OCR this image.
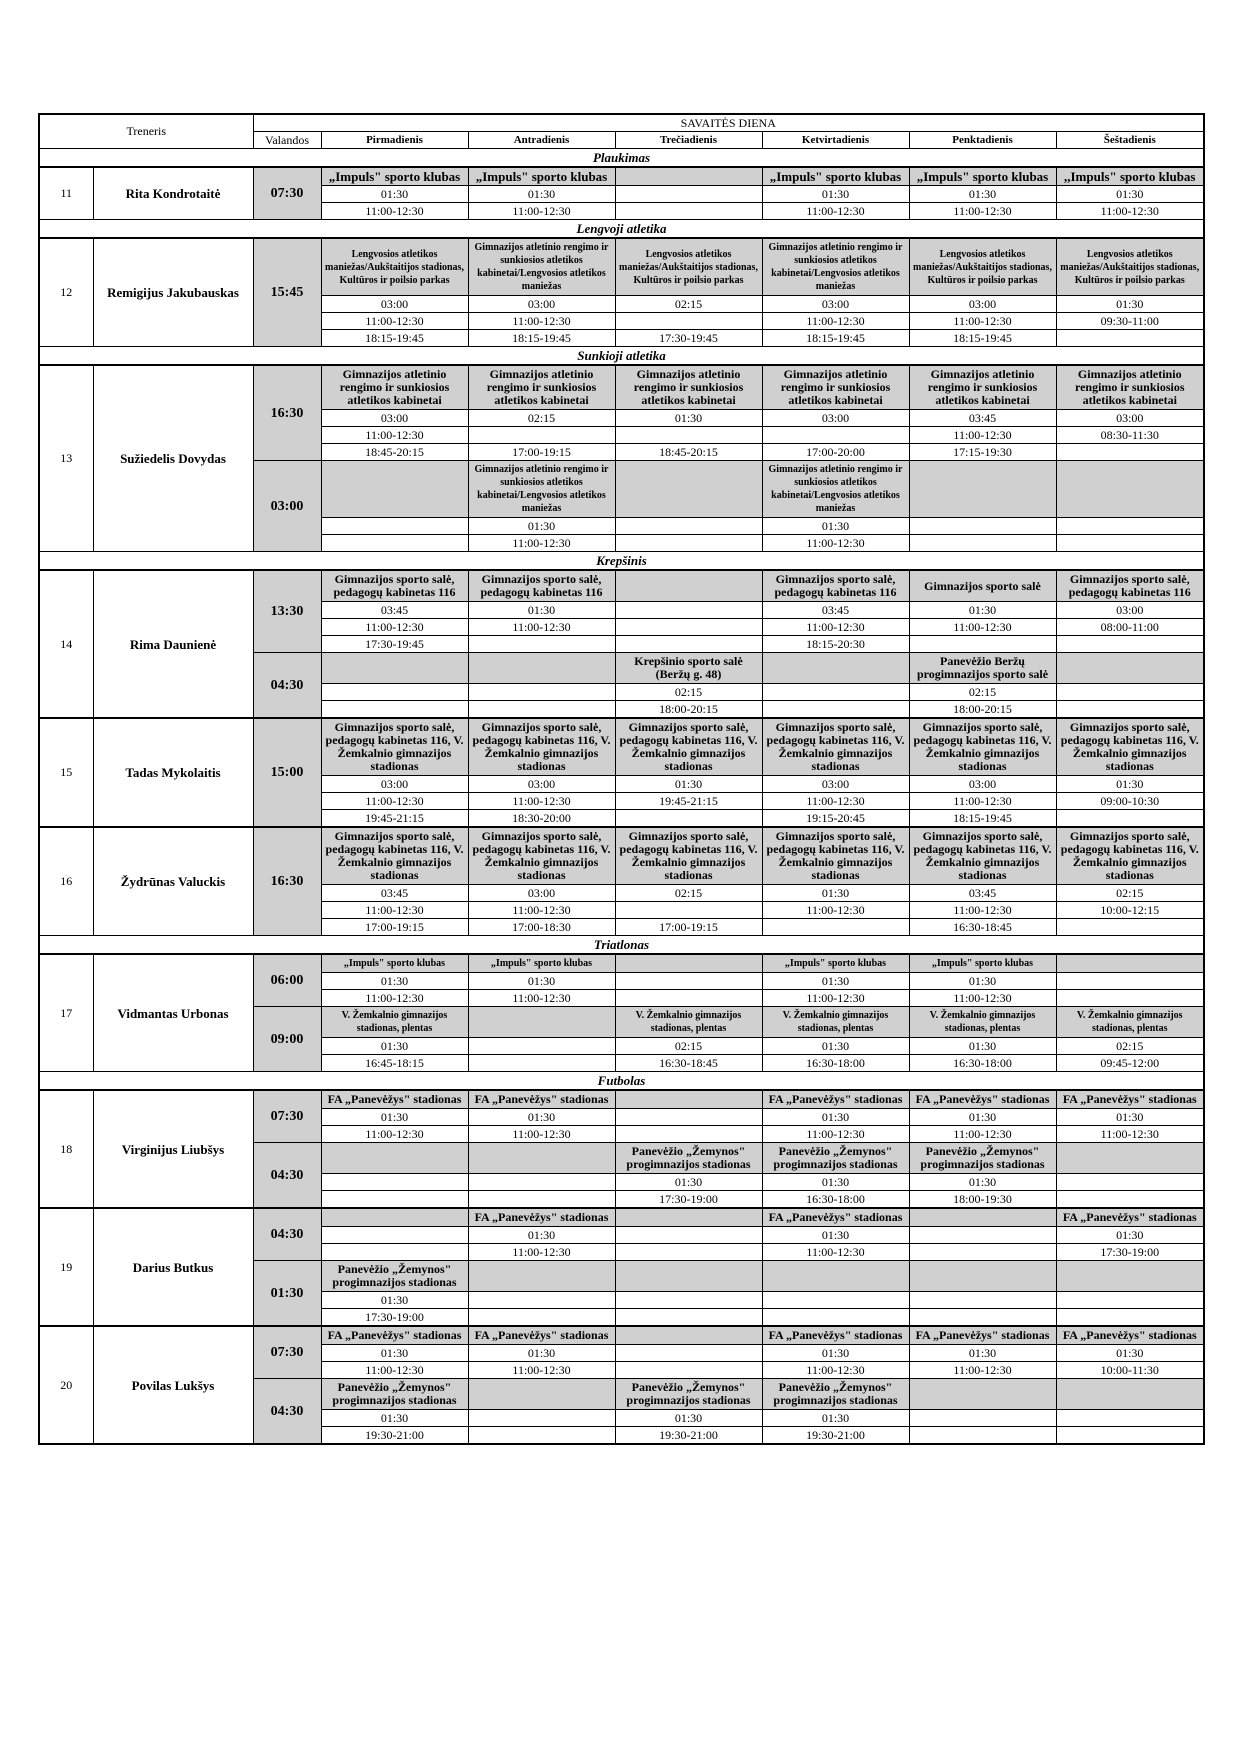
Treneris		SAVAITĖS DIENA						
		Valandos	Pirmadienis	Antradienis	Trečiadienis	Ketvirtadienis	Penktadienis	Šeštadienis
Plaukimas								
11	Rita Kondrotaitė	07:30	„Impuls" sporto klubas	„Impuls" sporto klubas		„Impuls" sporto klubas	„Impuls" sporto klubas	,,Impuls" sporto klubas
			01:30	01:30		01:30	01:30	01:30
			11:00-12:30	11:00-12:30		11:00-12:30	11:00-12:30	11:00-12:30
Lengvoji atletika								
12	Remigijus Jakubauskas	15:45	Lengvosios atletikos maniežas/Aukštaitijos stadionas, Kultūros ir poilsio parkas	Gimnazijos atletinio rengimo ir sunkiosios atletikos kabinetai/Lengvosios atletikos maniežas	Lengvosios atletikos maniežas/Aukštaitijos stadionas, Kultūros ir poilsio parkas	Gimnazijos atletinio rengimo ir sunkiosios atletikos kabinetai/Lengvosios atletikos maniežas	Lengvosios atletikos maniežas/Aukštaitijos stadionas, Kultūros ir poilsio parkas	Lengvosios atletikos maniežas/Aukštaitijos stadionas, Kultūros ir poilsio parkas
			03:00	03:00	02:15	03:00	03:00	01:30
			11:00-12:30	11:00-12:30		11:00-12:30	11:00-12:30	09:30-11:00
			18:15-19:45	18:15-19:45	17:30-19:45	18:15-19:45	18:15-19:45	
Sunkioji atletika								
13	Sužiedelis Dovydas	16:30	Gimnazijos atletinio rengimo ir sunkiosios atletikos kabinetai	Gimnazijos atletinio rengimo ir sunkiosios atletikos kabinetai	Gimnazijos atletinio rengimo ir sunkiosios atletikos kabinetai	Gimnazijos atletinio rengimo ir sunkiosios atletikos kabinetai	Gimnazijos atletinio rengimo ir sunkiosios atletikos kabinetai	Gimnazijos atletinio rengimo ir sunkiosios atletikos kabinetai
			03:00	02:15	01:30	03:00	03:45	03:00
			11:00-12:30				11:00-12:30	08:30-11:30
			18:45-20:15	17:00-19:15	18:45-20:15	17:00-20:00	17:15-19:30	
		03:00		Gimnazijos atletinio rengimo ir sunkiosios atletikos kabinetai/Lengvosios atletikos maniežas		Gimnazijos atletinio rengimo ir sunkiosios atletikos kabinetai/Lengvosios atletikos maniežas		
				01:30		01:30		
				11:00-12:30		11:00-12:30		
Krepšinis								
14	Rima Daunienė	13:30	Gimnazijos sporto salė, pedagogų kabinetas 116	Gimnazijos sporto salė, pedagogų kabinetas 116		Gimnazijos sporto salė, pedagogų kabinetas 116	Gimnazijos sporto salė	Gimnazijos sporto salė, pedagogų kabinetas 116
			03:45	01:30		03:45	01:30	03:00
			11:00-12:30	11:00-12:30		11:00-12:30	11:00-12:30	08:00-11:00
			17:30-19:45			18:15-20:30		
		04:30			Krepšinio sporto salė (Beržų g. 48)		Panevėžio Beržų progimnazijos sporto salė	
					02:15		02:15	
					18:00-20:15		18:00-20:15	
15	Tadas Mykolaitis	15:00	Gimnazijos sporto salė, pedagogų kabinetas 116, V. Žemkalnio gimnazijos stadionas	Gimnazijos sporto salė, pedagogų kabinetas 116, V. Žemkalnio gimnazijos stadionas	Gimnazijos sporto salė, pedagogų kabinetas 116, V. Žemkalnio gimnazijos stadionas	Gimnazijos sporto salė, pedagogų kabinetas 116, V. Žemkalnio gimnazijos stadionas	Gimnazijos sporto salė, pedagogų kabinetas 116, V. Žemkalnio gimnazijos stadionas	Gimnazijos sporto salė, pedagogų kabinetas 116, V. Žemkalnio gimnazijos stadionas
			03:00	03:00	01:30	03:00	03:00	01:30
			11:00-12:30	11:00-12:30	19:45-21:15	11:00-12:30	11:00-12:30	09:00-10:30
			19:45-21:15	18:30-20:00		19:15-20:45	18:15-19:45	
16	Žydrūnas Valuckis	16:30	Gimnazijos sporto salė, pedagogų kabinetas 116, V. Žemkalnio gimnazijos stadionas	Gimnazijos sporto salė, pedagogų kabinetas 116, V. Žemkalnio gimnazijos stadionas	Gimnazijos sporto salė, pedagogų kabinetas 116, V. Žemkalnio gimnazijos stadionas	Gimnazijos sporto salė, pedagogų kabinetas 116, V. Žemkalnio gimnazijos stadionas	Gimnazijos sporto salė, pedagogų kabinetas 116, V. Žemkalnio gimnazijos stadionas	Gimnazijos sporto salė, pedagogų kabinetas 116, V. Žemkalnio gimnazijos stadionas
			03:45	03:00	02:15	01:30	03:45	02:15
			11:00-12:30	11:00-12:30		11:00-12:30	11:00-12:30	10:00-12:15
			17:00-19:15	17:00-18:30	17:00-19:15		16:30-18:45	
Triatlonas								
17	Vidmantas Urbonas	06:00	„Impuls" sporto klubas	„Impuls" sporto klubas		„Impuls" sporto klubas	„Impuls" sporto klubas	
			01:30	01:30		01:30	01:30	
			11:00-12:30	11:00-12:30		11:00-12:30	11:00-12:30	
		09:00	V. Žemkalnio gimnazijos stadionas, plentas		V. Žemkalnio gimnazijos stadionas, plentas	V. Žemkalnio gimnazijos stadionas, plentas	V. Žemkalnio gimnazijos stadionas, plentas	V. Žemkalnio gimnazijos stadionas, plentas
			01:30		02:15	01:30	01:30	02:15
			16:45-18:15		16:30-18:45	16:30-18:00	16:30-18:00	09:45-12:00
Futbolas								
18	Virginijus Liubšys	07:30	FA „Panevėžys" stadionas	FA „Panevėžys" stadionas		FA „Panevėžys" stadionas	FA „Panevėžys" stadionas	FA „Panevėžys" stadionas
			01:30	01:30		01:30	01:30	01:30
			11:00-12:30	11:00-12:30		11:00-12:30	11:00-12:30	11:00-12:30
		04:30			Panevėžio „Žemynos" progimnazijos stadionas	Panevėžio „Žemynos" progimnazijos stadionas	Panevėžio „Žemynos" progimnazijos stadionas	
					01:30	01:30	01:30	
					17:30-19:00	16:30-18:00	18:00-19:30	
19	Darius Butkus	04:30		FA „Panevėžys" stadionas		FA „Panevėžys" stadionas		FA „Panevėžys" stadionas
				01:30		01:30		01:30
				11:00-12:30		11:00-12:30		17:30-19:00
		01:30	Panevėžio „Žemynos" progimnazijos stadionas					
			01:30					
			17:30-19:00					
20	Povilas Lukšys	07:30	FA „Panevėžys" stadionas	FA „Panevėžys" stadionas		FA „Panevėžys" stadionas	FA „Panevėžys" stadionas	FA „Panevėžys" stadionas
			01:30	01:30		01:30	01:30	01:30
			11:00-12:30	11:00-12:30		11:00-12:30	11:00-12:30	10:00-11:30
		04:30	Panevėžio „Žemynos" progimnazijos stadionas		Panevėžio „Žemynos" progimnazijos stadionas	Panevėžio „Žemynos" progimnazijos stadionas		
			01:30		01:30	01:30		
			19:30-21:00		19:30-21:00	19:30-21:00		
